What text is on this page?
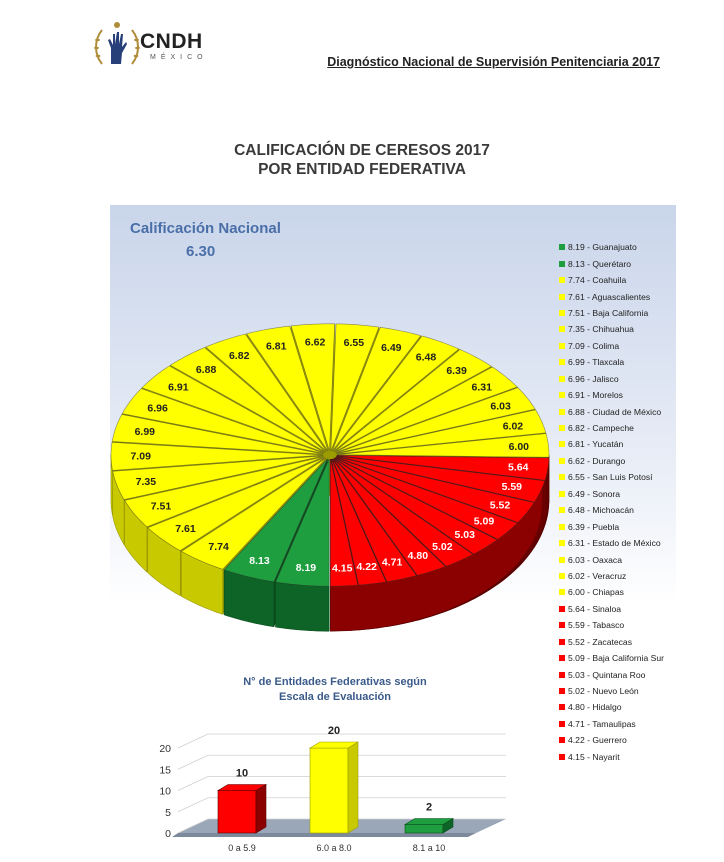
CNDH
MÉXICO	Diagnóstico Nacional de Supervisión Penitenciaria 2017
CALIFICACIÓN DE CERESOS 2017
POR ENTIDAD FEDERATIVA
Calificación Nacional
6.30
8.19
8.13
7.74
7.61
7.51
7.35
7.09
6.99
6.96
6.91
6.88
6.82
6.81 6.62 6.55 6.49
6.48
6.39
6.31
6.03
6.02
6.00
5.64
5.59
5.52
5.09
5.03
5.02
4.80
4.71
4.22
4.15
8.19 - Guanajuato
8.13 - Querétaro
7.74 - Coahuila
7.61 - Aguascalientes
7.51 - Baja California
7.35 - Chihuahua
7.09 - Colima
6.99 - Tlaxcala
6.96 - Jalisco
6.91 - Morelos
6.88 - Ciudad de México
6.82 - Campeche
6.81 - Yucatán
6.62 - Durango
6.55 - San Luis Potosí
6.49 - Sonora
6.48 - Michoacán
6.39 - Puebla
6.31 - Estado de México
6.03 - Oaxaca
6.02 - Veracruz
6.00 - Chiapas
5.64 - Sinaloa
5.59 - Tabasco
5.52 - Zacatecas
5.09 - Baja California Sur
5.03 - Quintana Roo
5.02 - Nuevo León
4.80 - Hidalgo
4.71 - Tamaulipas
4.22 - Guerrero
4.15 - Nayarit
N° de Entidades Federativas según
Escala de Evaluación
0
5
10
15
20
10
0 a 5.9
20
6.0 a 8.0
2
8.1 a 10
